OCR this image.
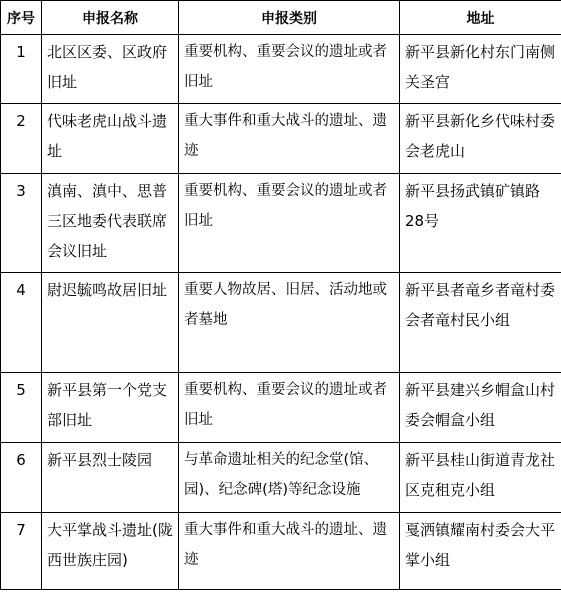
序号	申报名称	申报类别	地址
1	北区区委、区政府旧址	重要机构、重要会议的遗址或者旧址	新平县新化村东门南侧关圣宫
2	代味老虎山战斗遗址	重大事件和重大战斗的遗址、遗迹	新平县新化乡代味村委会老虎山
3	滇南、滇中、思普三区地委代表联席会议旧址	重要机构、重要会议的遗址或者旧址	新平县扬武镇矿镇路28号
4	尉迟毓鸣故居旧址	重要人物故居、旧居、活动地或者墓地	新平县者竜乡者竜村委会者竜村民小组
5	新平县第一个党支部旧址	重要机构、重要会议的遗址或者旧址	新平县建兴乡帽盒山村委会帽盒小组
6	新平县烈士陵园	与革命遗址相关的纪念堂(馆、园)、纪念碑(塔)等纪念设施	新平县桂山街道青龙社区克租克小组
7	大平掌战斗遗址(陇西世族庄园)	重大事件和重大战斗的遗址、遗迹	戛洒镇耀南村委会大平掌小组
